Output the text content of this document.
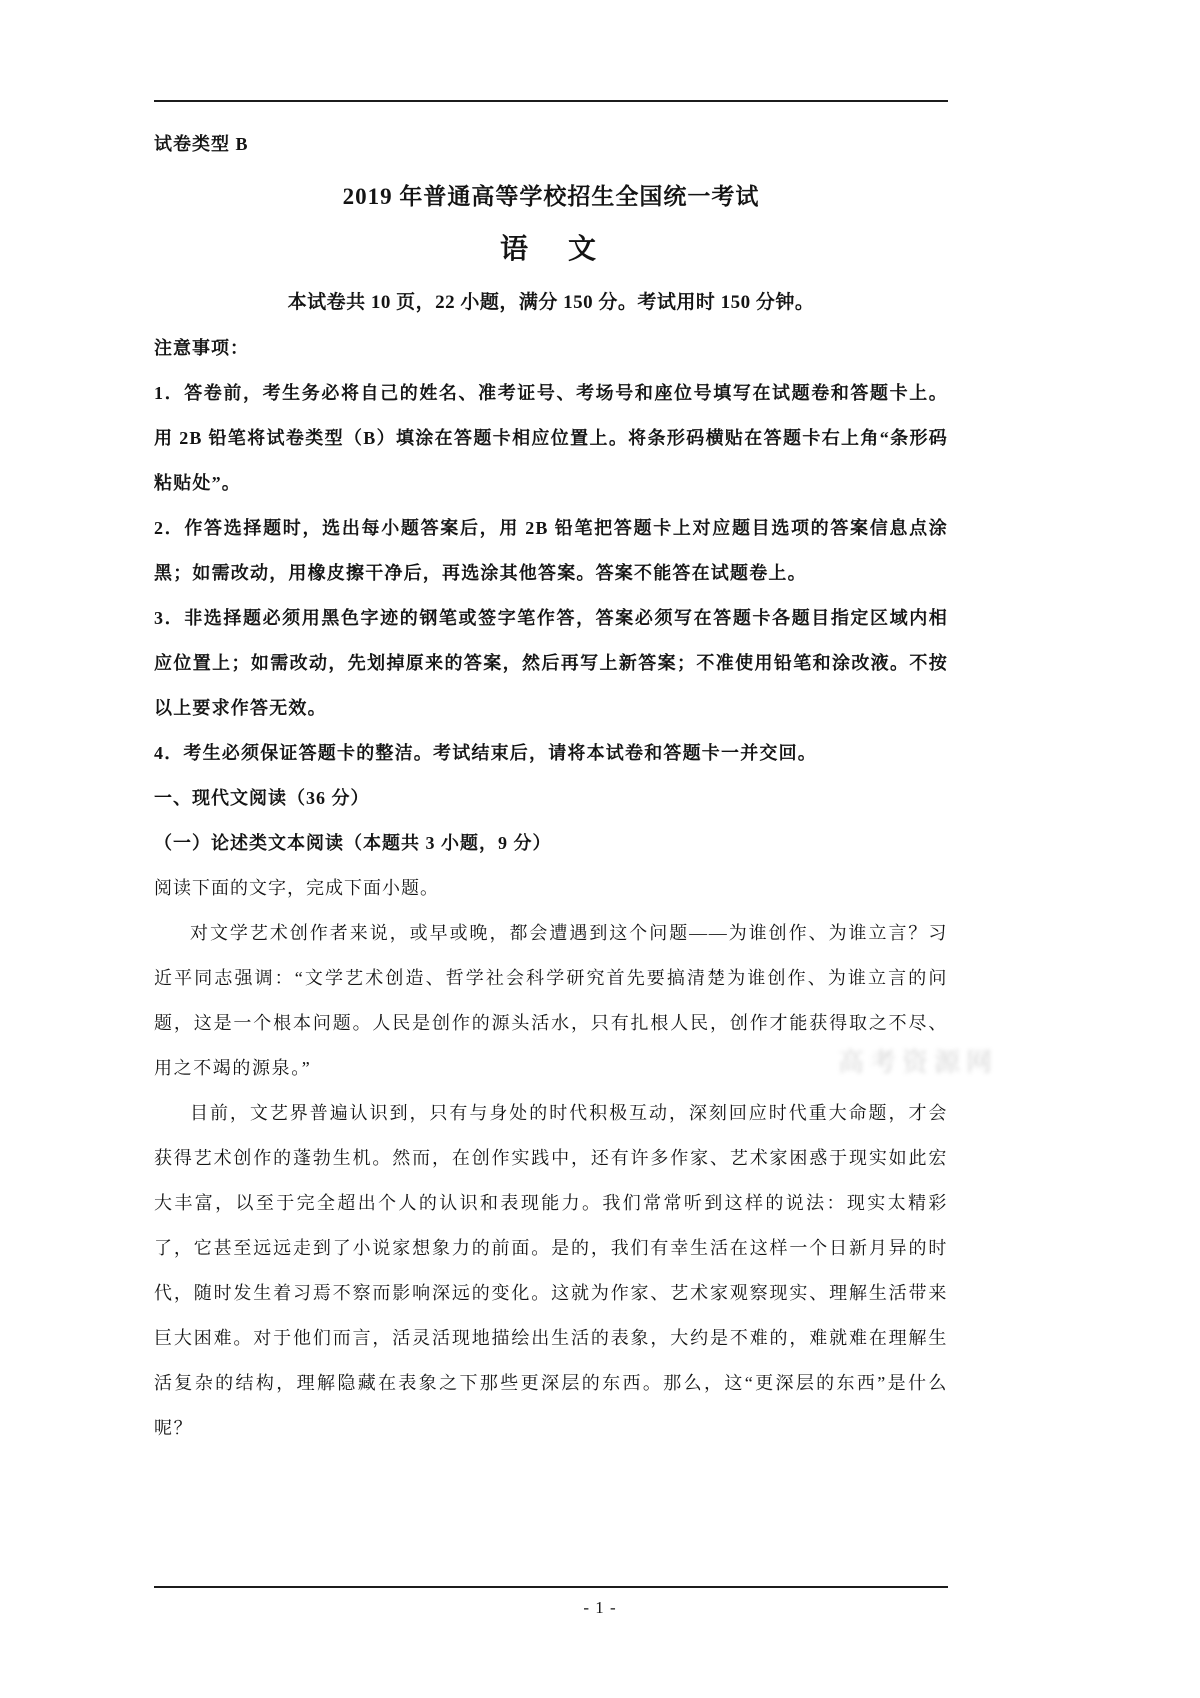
试卷类型 B
2019 年普通高等学校招生全国统一考试
语　文

本试卷共 10 页，22 小题，满分 150 分。考试用时 150 分钟。

注意事项：

1．答卷前，考生务必将自己的姓名、准考证号、考场号和座位号填写在试题卷和答题卡上。用 2B 铅笔将试卷类型（B）填涂在答题卡相应位置上。将条形码横贴在答题卡右上角“条形码粘贴处”。

2．作答选择题时，选出每小题答案后，用 2B 铅笔把答题卡上对应题目选项的答案信息点涂黑；如需改动，用橡皮擦干净后，再选涂其他答案。答案不能答在试题卷上。

3．非选择题必须用黑色字迹的钢笔或签字笔作答，答案必须写在答题卡各题目指定区域内相应位置上；如需改动，先划掉原来的答案，然后再写上新答案；不准使用铅笔和涂改液。不按以上要求作答无效。

4．考生必须保证答题卡的整洁。考试结束后，请将本试卷和答题卡一并交回。

一、现代文阅读（36 分）

（一）论述类文本阅读（本题共 3 小题，9 分）

阅读下面的文字，完成下面小题。

对文学艺术创作者来说，或早或晚，都会遭遇到这个问题——为谁创作、为谁立言？习近平同志强调：“文学艺术创造、哲学社会科学研究首先要搞清楚为谁创作、为谁立言的问题，这是一个根本问题。人民是创作的源头活水，只有扎根人民，创作才能获得取之不尽、用之不竭的源泉。”

目前，文艺界普遍认识到，只有与身处的时代积极互动，深刻回应时代重大命题，才会获得艺术创作的蓬勃生机。然而，在创作实践中，还有许多作家、艺术家困惑于现实如此宏大丰富，以至于完全超出个人的认识和表现能力。我们常常听到这样的说法：现实太精彩了，它甚至远远走到了小说家想象力的前面。是的，我们有幸生活在这样一个日新月异的时代，随时发生着习焉不察而影响深远的变化。这就为作家、艺术家观察现实、理解生活带来巨大困难。对于他们而言，活灵活现地描绘出生活的表象，大约是不难的，难就难在理解生活复杂的结构，理解隐藏在表象之下那些更深层的东西。那么，这“更深层的东西”是什么呢？

高考资源网
- 1 -
